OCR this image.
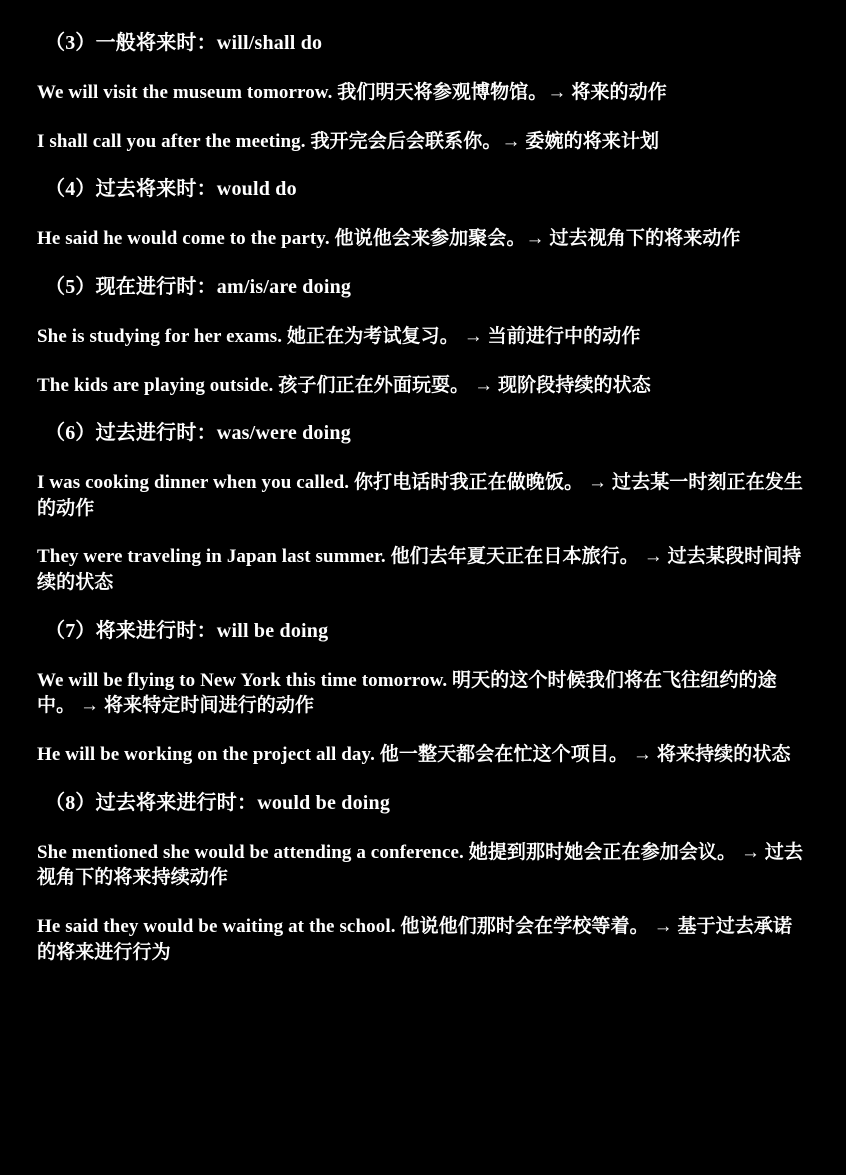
（3）一般将来时：will/shall do
We will visit the museum tomorrow. 我们明天将参观博物馆。→ 将来的动作
I shall call you after the meeting. 我开完会后会联系你。→ 委婉的将来计划
（4）过去将来时：would do
He said he would come to the party. 他说他会来参加聚会。→ 过去视角下的将来动作
（5）现在进行时：am/is/are doing
She is studying for her exams. 她正在为考试复习。 → 当前进行中的动作
The kids are playing outside. 孩子们正在外面玩耍。 → 现阶段持续的状态
（6）过去进行时：was/were doing
I was cooking dinner when you called. 你打电话时我正在做晚饭。 → 过去某一时刻正在发生的动作
They were traveling in Japan last summer. 他们去年夏天正在日本旅行。 → 过去某段时间持续的状态
（7）将来进行时：will be doing
We will be flying to New York this time tomorrow. 明天的这个时候我们将在飞往纽约的途中。 → 将来特定时间进行的动作
He will be working on the project all day. 他一整天都会在忙这个项目。 → 将来持续的状态
（8）过去将来进行时：would be doing
She mentioned she would be attending a conference. 她提到那时她会正在参加会议。 → 过去视角下的将来持续动作
He said they would be waiting at the school. 他说他们那时会在学校等着。 → 基于过去承诺的将来进行行为
